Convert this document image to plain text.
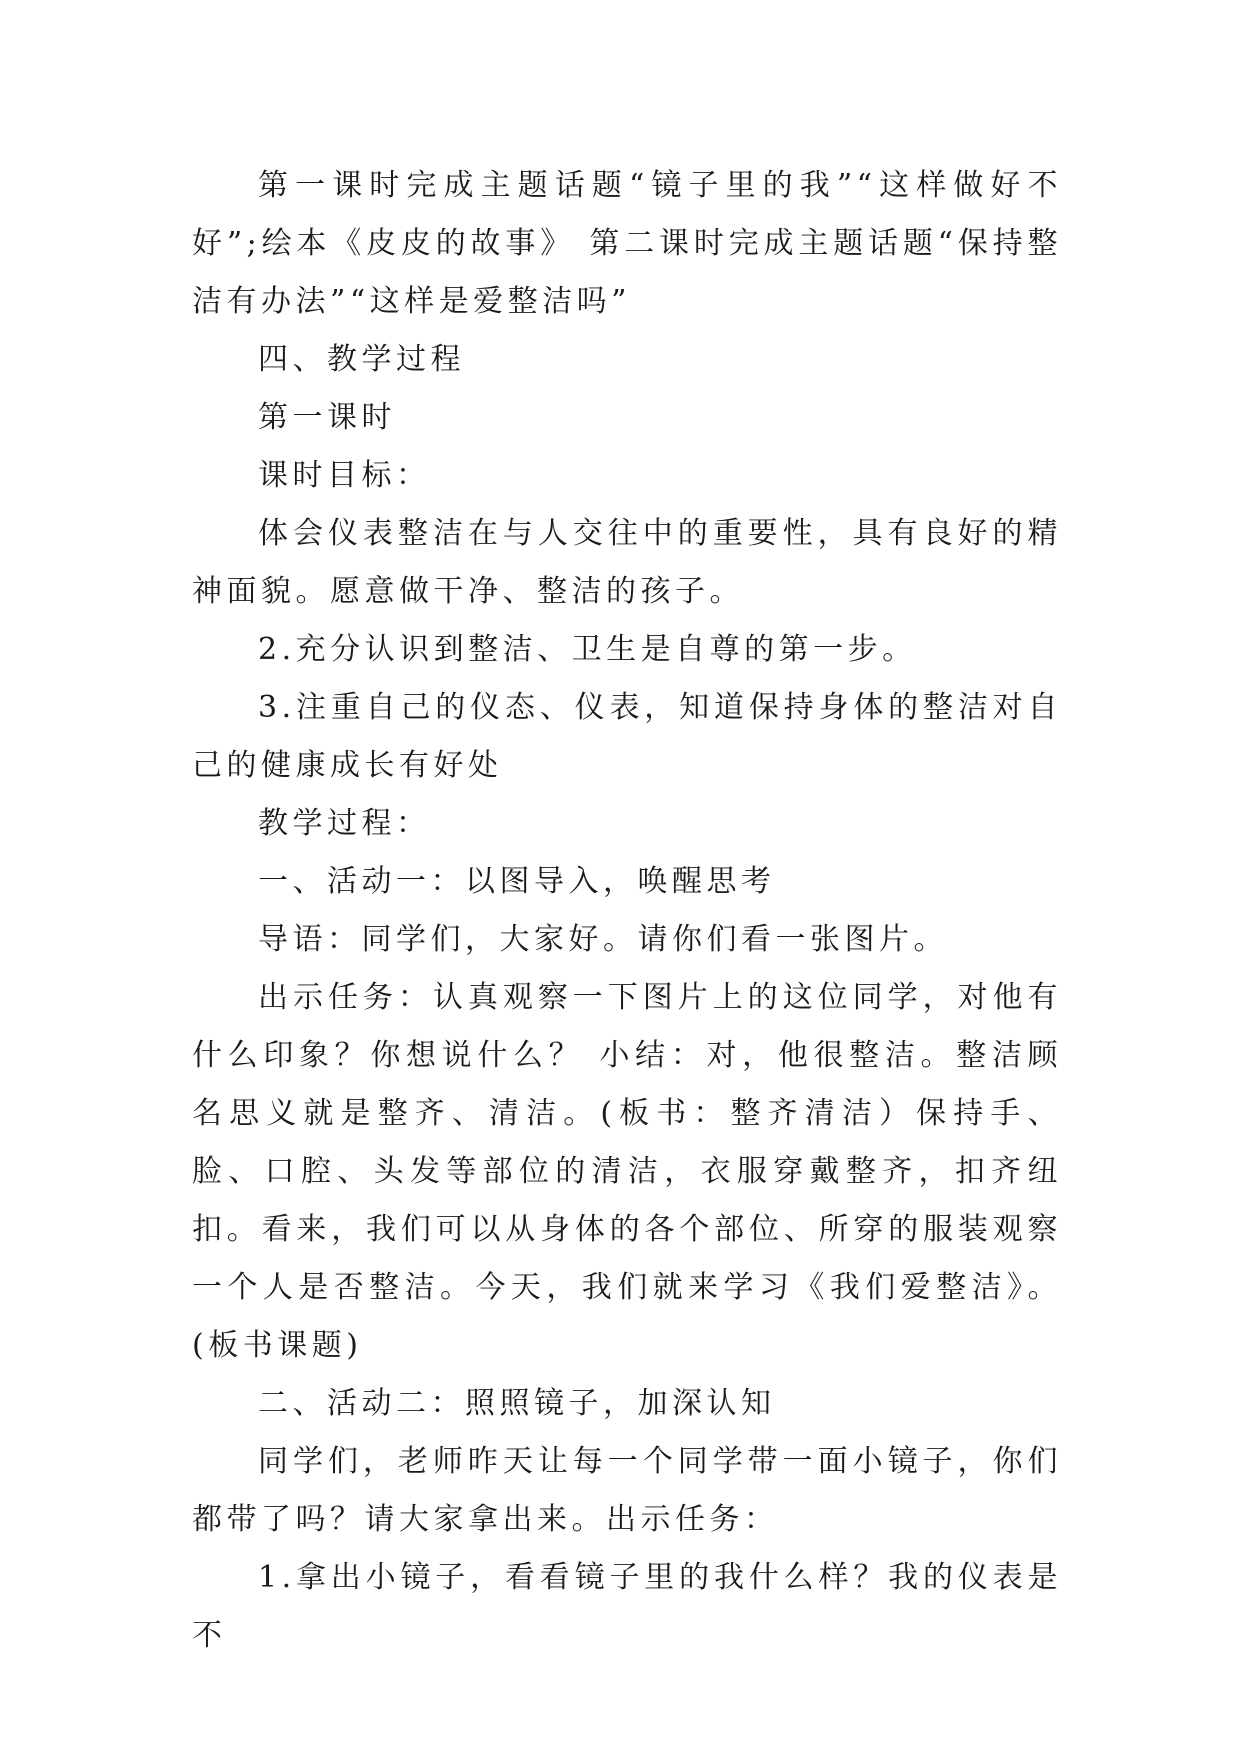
第一课时完成主题话题“镜子里的我”“这样做好不好”;绘本《皮皮的故事》 第二课时完成主题话题“保持整洁有办法”“这样是爱整洁吗”

四、教学过程

第一课时

课时目标：

体会仪表整洁在与人交往中的重要性，具有良好的精神面貌。愿意做干净、整洁的孩子。

2.充分认识到整洁、卫生是自尊的第一步。

3.注重自己的仪态、仪表，知道保持身体的整洁对自己的健康成长有好处

教学过程：

一、活动一：以图导入，唤醒思考

导语：同学们，大家好。请你们看一张图片。

出示任务：认真观察一下图片上的这位同学，对他有什么印象？你想说什么？ 小结：对，他很整洁。整洁顾名思义就是整齐、清洁。(板书：整齐清洁）保持手、脸、口腔、头发等部位的清洁，衣服穿戴整齐，扣齐纽扣。看来，我们可以从身体的各个部位、所穿的服装观察一个人是否整洁。今天，我们就来学习《我们爱整洁》。(板书课题)

二、活动二：照照镜子，加深认知

同学们，老师昨天让每一个同学带一面小镜子，你们都带了吗？请大家拿出来。出示任务：

1.拿出小镜子，看看镜子里的我什么样？我的仪表是不
